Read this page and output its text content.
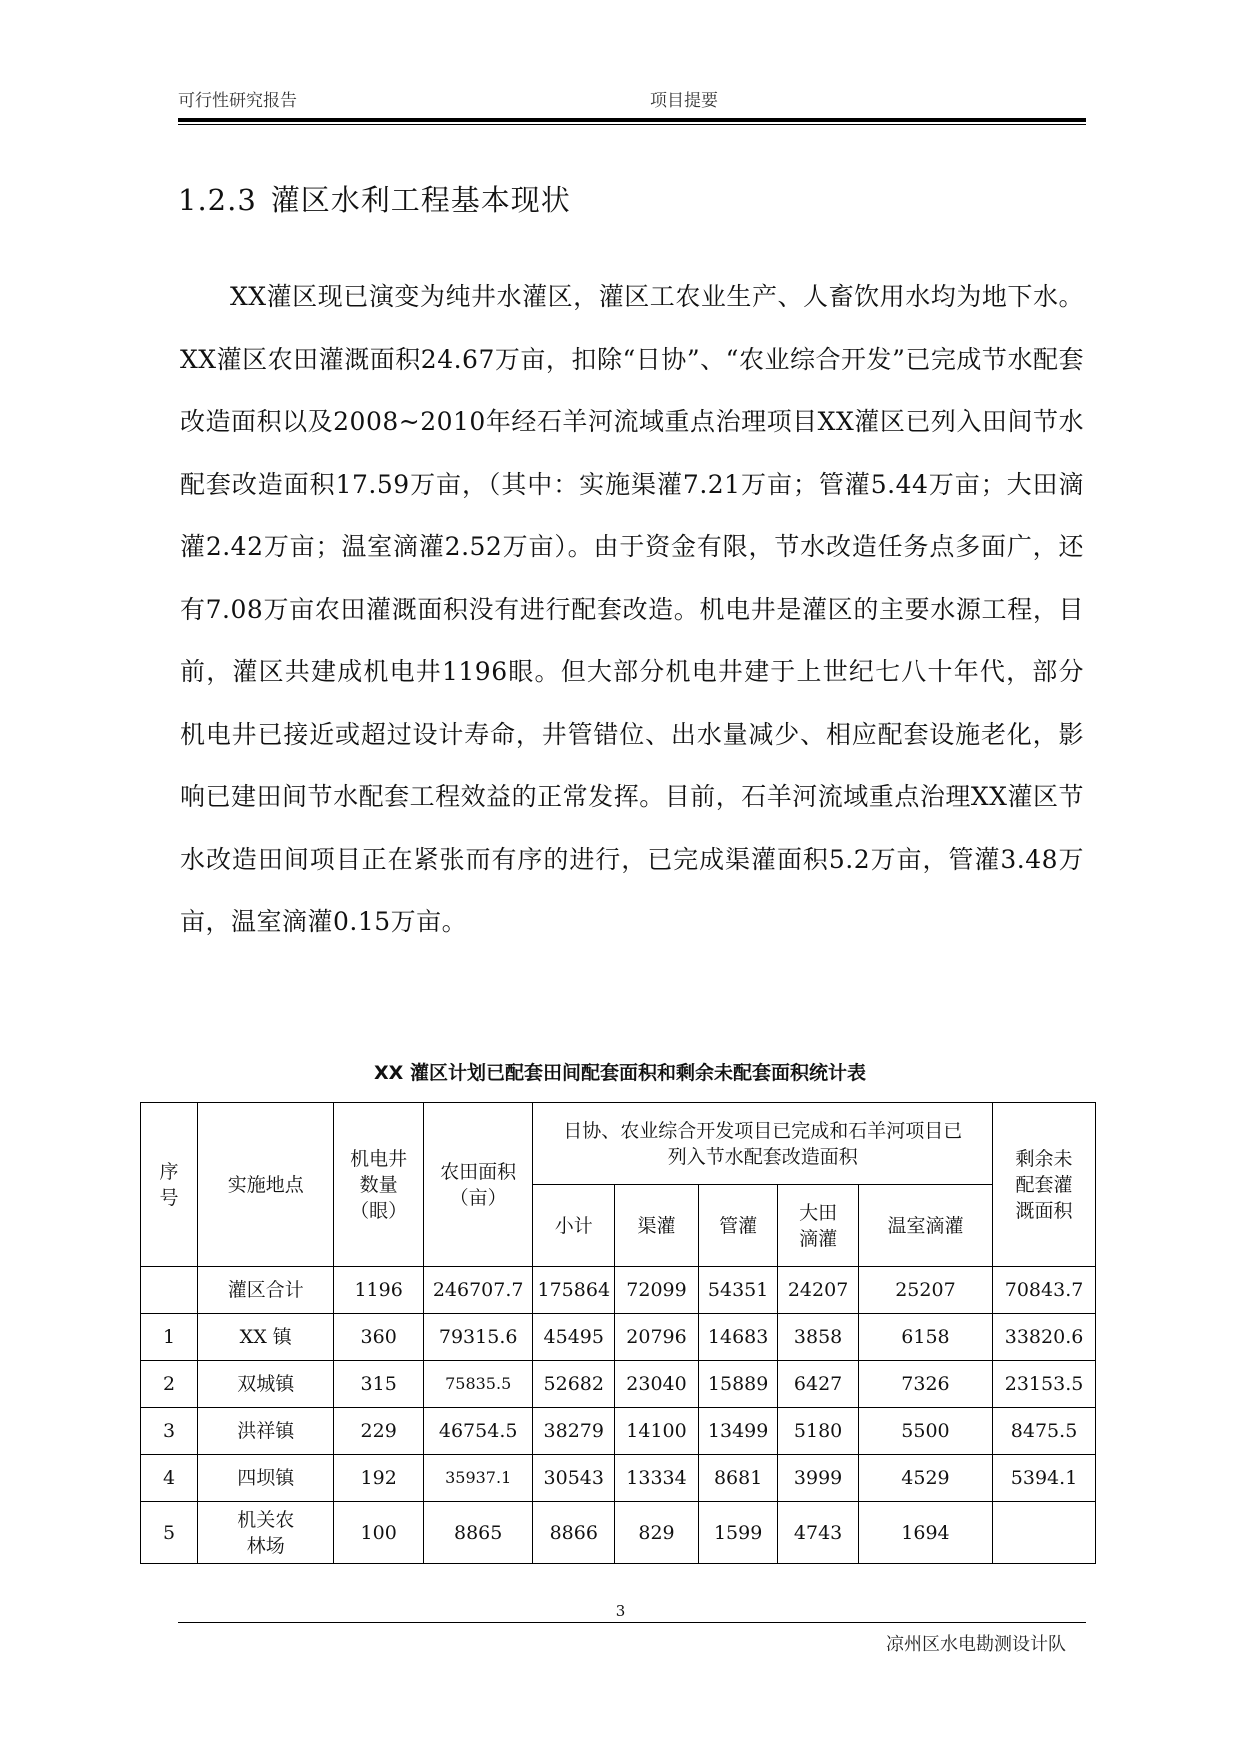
可行性研究报告	项目提要
1.2.3 灌区水利工程基本现状

XX灌区现已演变为纯井水灌区，灌区工农业生产、人畜饮用水均为地下水。XX灌区农田灌溉面积24.67万亩，扣除“日协”、“农业综合开发”已完成节水配套改造面积以及2008~2010年经石羊河流域重点治理项目XX灌区已列入田间节水配套改造面积17.59万亩，（其中：实施渠灌7.21万亩；管灌5.44万亩；大田滴灌2.42万亩；温室滴灌2.52万亩）。由于资金有限，节水改造任务点多面广，还有7.08万亩农田灌溉面积没有进行配套改造。机电井是灌区的主要水源工程，目前，灌区共建成机电井1196眼。但大部分机电井建于上世纪七八十年代，部分机电井已接近或超过设计寿命，井管错位、出水量减少、相应配套设施老化，影响已建田间节水配套工程效益的正常发挥。目前，石羊河流域重点治理XX灌区节水改造田间项目正在紧张而有序的进行，已完成渠灌面积5.2万亩，管灌3.48万亩，温室滴灌0.15万亩。

XX 灌区计划已配套田间配套面积和剩余未配套面积统计表
序号	实施地点	机电井数量（眼）	农田面积（亩）	日协、农业综合开发项目已完成和石羊河项目已列入节水配套改造面积					剩余未配套灌溉面积
				小计	渠灌	管灌	大田滴灌	温室滴灌	
	灌区合计	1196	246707.7	175864	72099	54351	24207	25207	70843.7
1	XX 镇	360	79315.6	45495	20796	14683	3858	6158	33820.6
2	双城镇	315	75835.5	52682	23040	15889	6427	7326	23153.5
3	洪祥镇	229	46754.5	38279	14100	13499	5180	5500	8475.5
4	四坝镇	192	35937.1	30543	13334	8681	3999	4529	5394.1
5	机关农林场	100	8865	8866	829	1599	4743	1694	
3
凉州区水电勘测设计队
